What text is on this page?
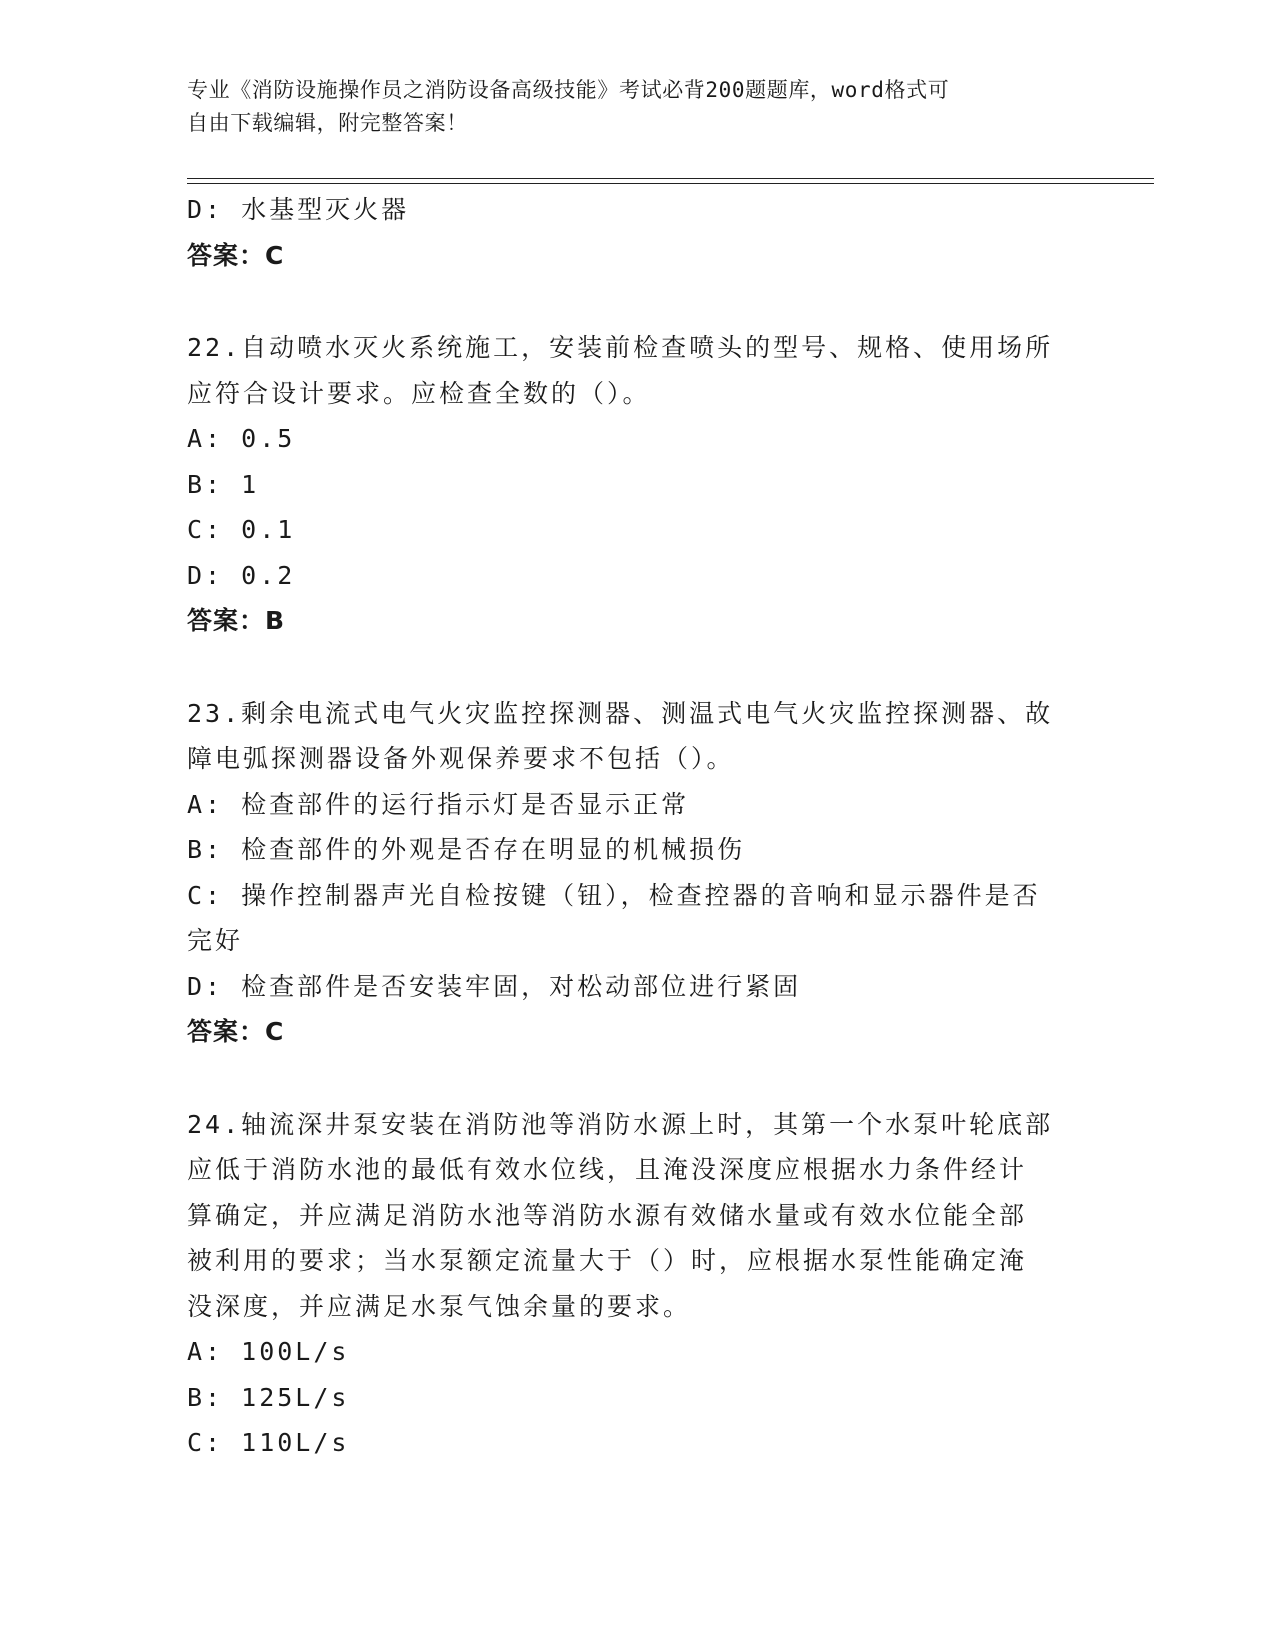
专业《消防设施操作员之消防设备高级技能》考试必背200题题库，word格式可
自由下载编辑，附完整答案！
D: 水基型灭火器
答案：C
22.自动喷水灭火系统施工，安装前检查喷头的型号、规格、使用场所
应符合设计要求。应检查全数的（）。
A: 0.5
B: 1
C: 0.1
D: 0.2
答案：B
23.剩余电流式电气火灾监控探测器、测温式电气火灾监控探测器、故
障电弧探测器设备外观保养要求不包括（）。
A: 检查部件的运行指示灯是否显示正常
B: 检查部件的外观是否存在明显的机械损伤
C: 操作控制器声光自检按键（钮），检查控器的音响和显示器件是否
完好
D: 检查部件是否安装牢固，对松动部位进行紧固
答案：C
24.轴流深井泵安装在消防池等消防水源上时，其第一个水泵叶轮底部
应低于消防水池的最低有效水位线，且淹没深度应根据水力条件经计
算确定，并应满足消防水池等消防水源有效储水量或有效水位能全部
被利用的要求；当水泵额定流量大于（）时，应根据水泵性能确定淹
没深度，并应满足水泵气蚀余量的要求。
A: 100L/s
B: 125L/s
C: 110L/s
